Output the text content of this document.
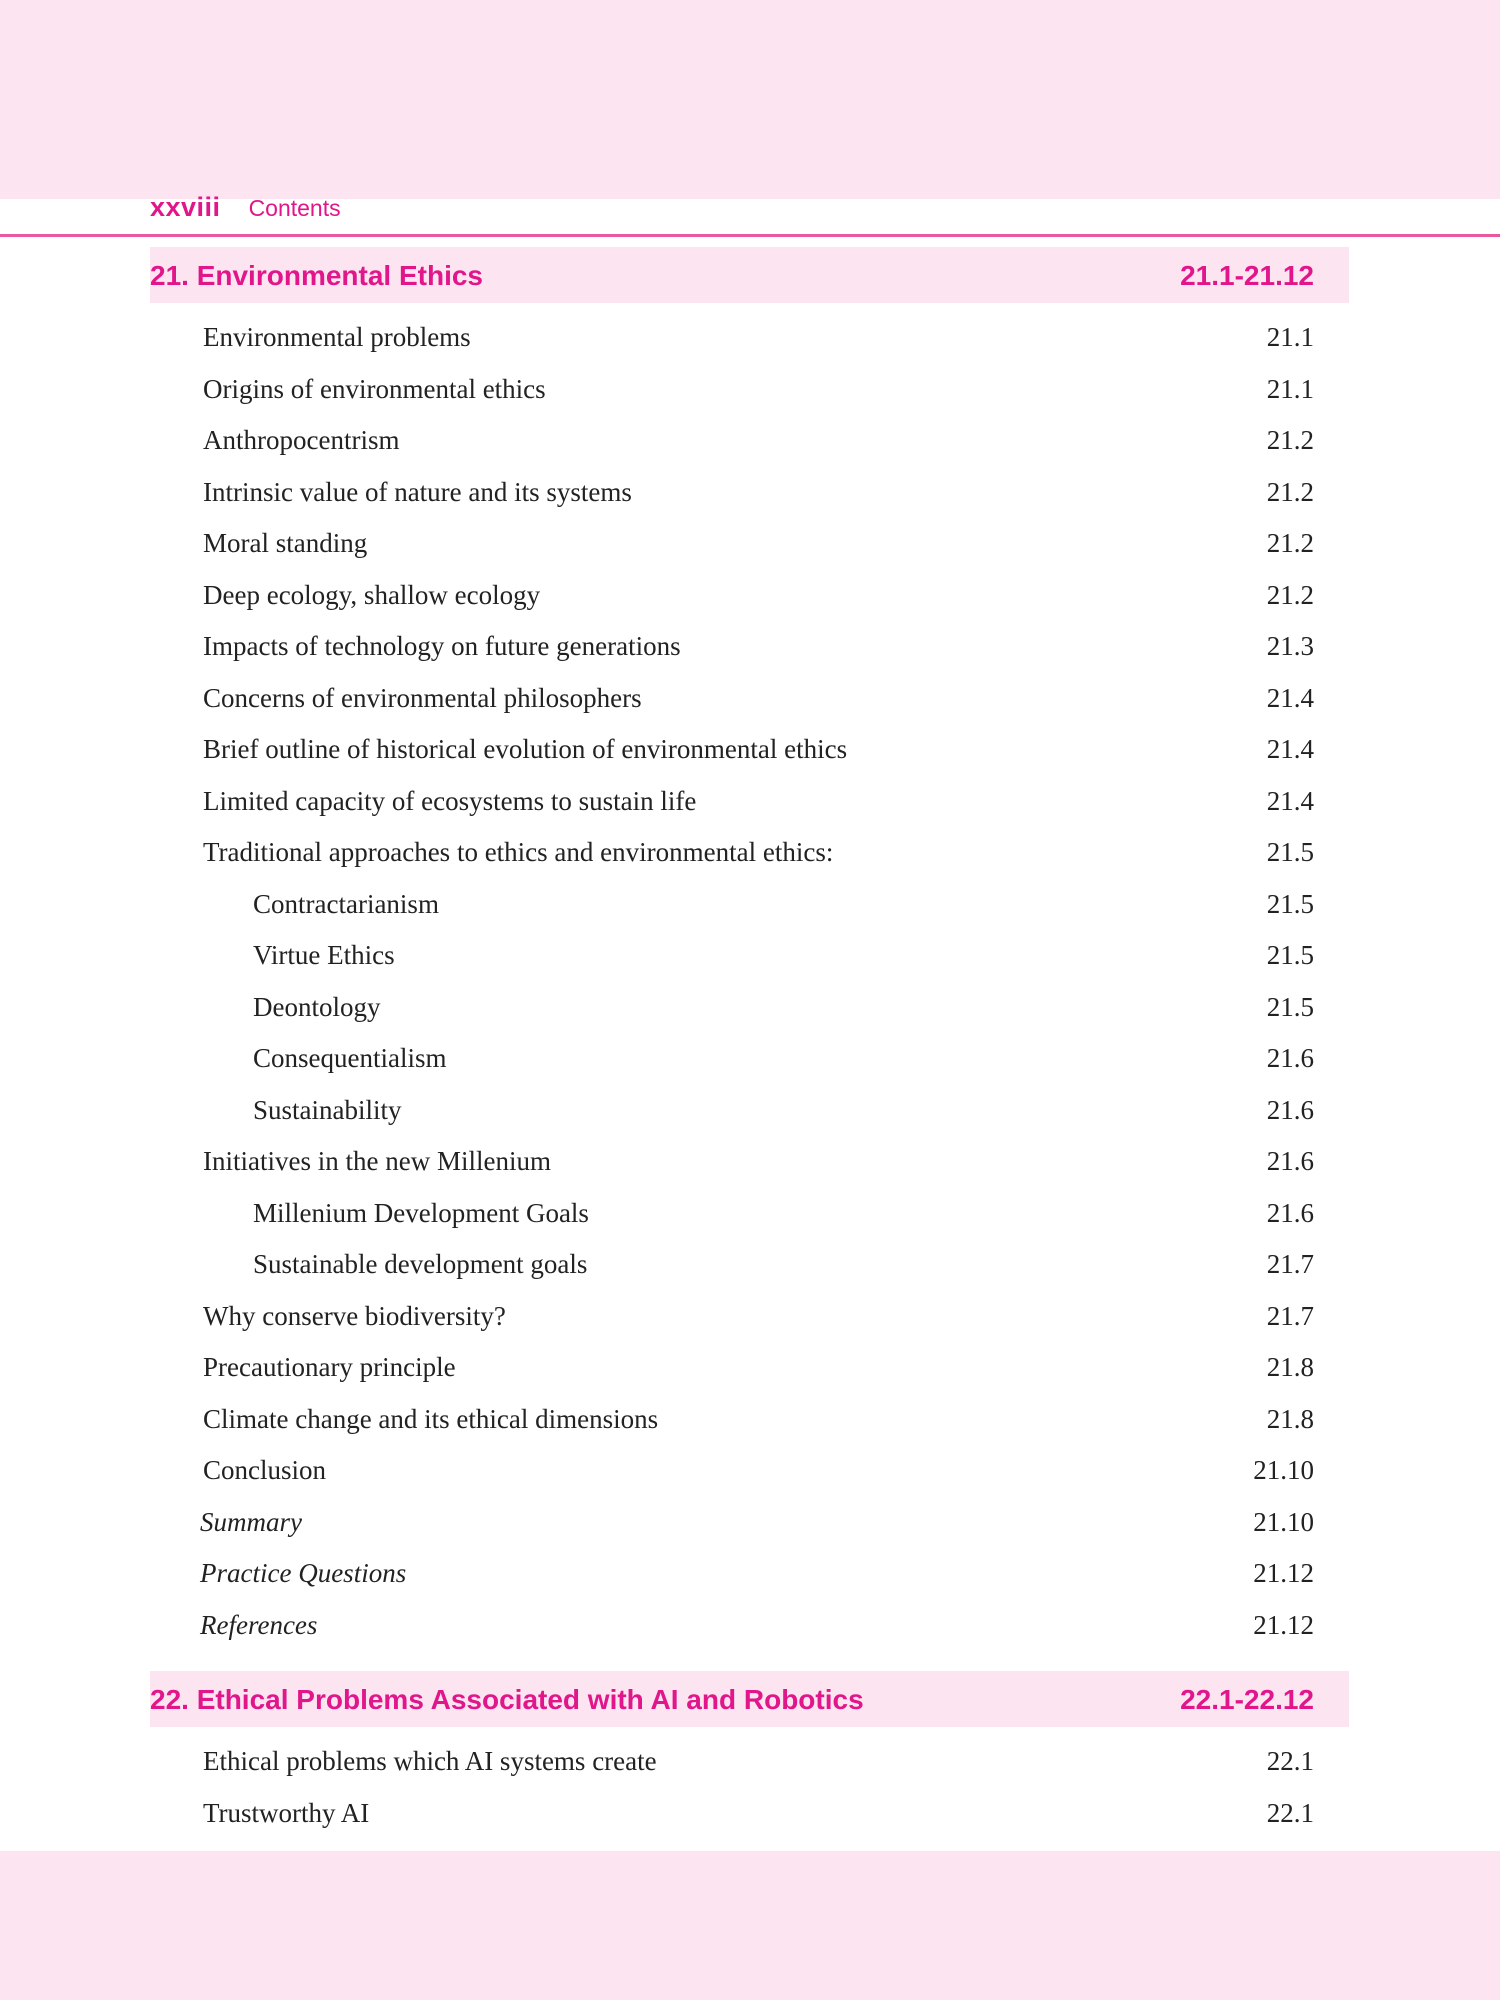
xxviii Contents
21. Environmental Ethics	21.1-21.12
Environmental problems	21.1
Origins of environmental ethics	21.1
Anthropocentrism	21.2
Intrinsic value of nature and its systems	21.2
Moral standing	21.2
Deep ecology, shallow ecology	21.2
Impacts of technology on future generations	21.3
Concerns of environmental philosophers	21.4
Brief outline of historical evolution of environmental ethics	21.4
Limited capacity of ecosystems to sustain life	21.4
Traditional approaches to ethics and environmental ethics:	21.5
Contractarianism	21.5
Virtue Ethics	21.5
Deontology	21.5
Consequentialism	21.6
Sustainability	21.6
Initiatives in the new Millenium	21.6
Millenium Development Goals	21.6
Sustainable development goals	21.7
Why conserve biodiversity?	21.7
Precautionary principle	21.8
Climate change and its ethical dimensions	21.8
Conclusion	21.10
Summary	21.10
Practice Questions	21.12
References	21.12
22. Ethical Problems Associated with AI and Robotics	22.1-22.12
Ethical problems which AI systems create	22.1
Trustworthy AI	22.1
